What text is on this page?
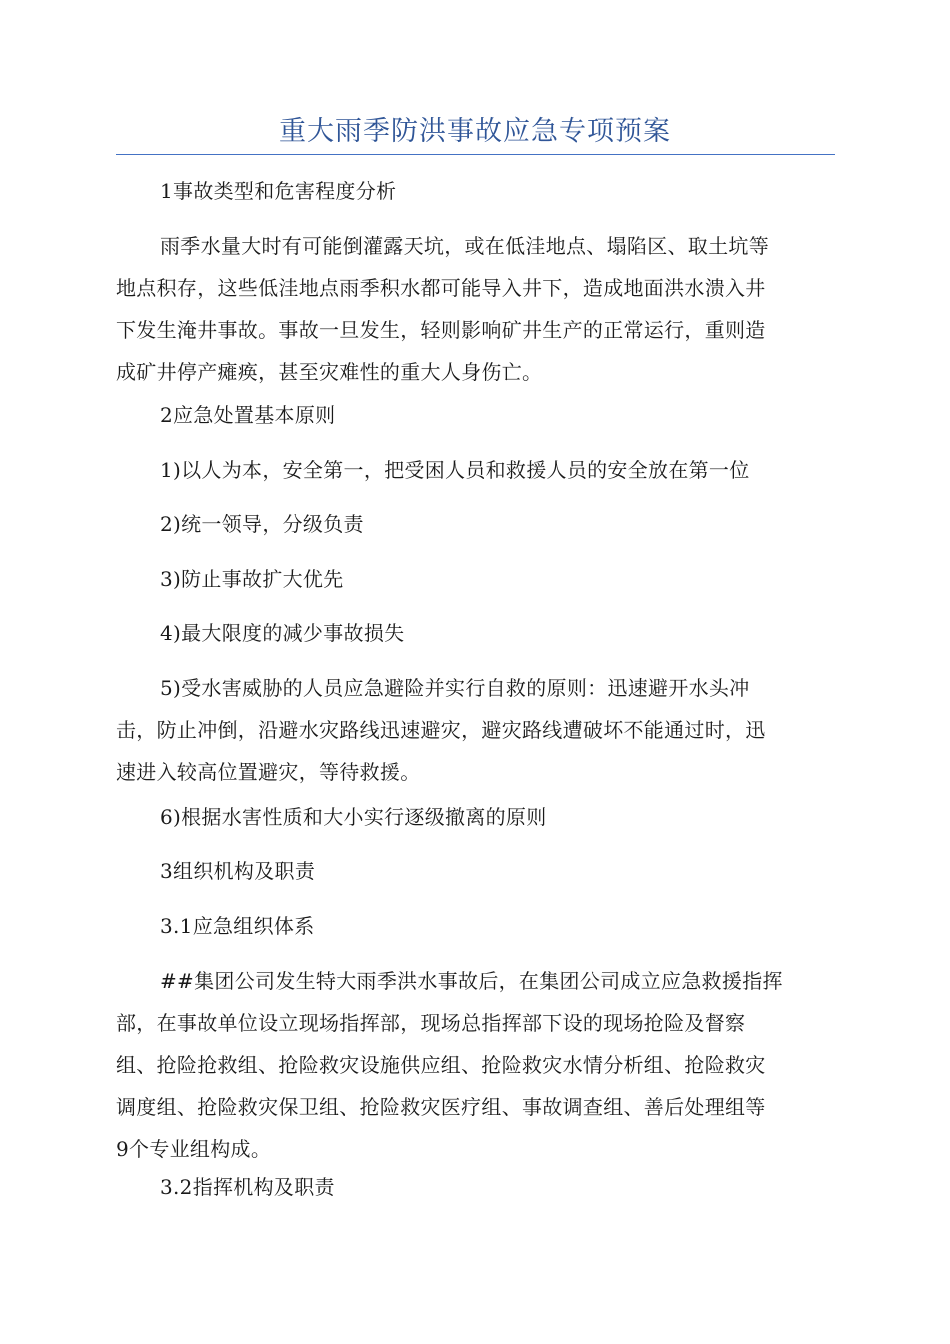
重大雨季防洪事故应急专项预案
1事故类型和危害程度分析
雨季水量大时有可能倒灌露天坑，或在低洼地点、塌陷区、取土坑等
地点积存，这些低洼地点雨季积水都可能导入井下，造成地面洪水溃入井
下发生淹井事故。事故一旦发生，轻则影响矿井生产的正常运行，重则造
成矿井停产瘫痪，甚至灾难性的重大人身伤亡。
2应急处置基本原则
1)以人为本，安全第一，把受困人员和救援人员的安全放在第一位
2)统一领导，分级负责
3)防止事故扩大优先
4)最大限度的减少事故损失
5)受水害威胁的人员应急避险并实行自救的原则：迅速避开水头冲
击，防止冲倒，沿避水灾路线迅速避灾，避灾路线遭破坏不能通过时，迅
速进入较高位置避灾，等待救援。
6)根据水害性质和大小实行逐级撤离的原则
3组织机构及职责
3.1应急组织体系
##集团公司发生特大雨季洪水事故后，在集团公司成立应急救援指挥
部，在事故单位设立现场指挥部，现场总指挥部下设的现场抢险及督察
组、抢险抢救组、抢险救灾设施供应组、抢险救灾水情分析组、抢险救灾
调度组、抢险救灾保卫组、抢险救灾医疗组、事故调查组、善后处理组等
9个专业组构成。
3.2指挥机构及职责
